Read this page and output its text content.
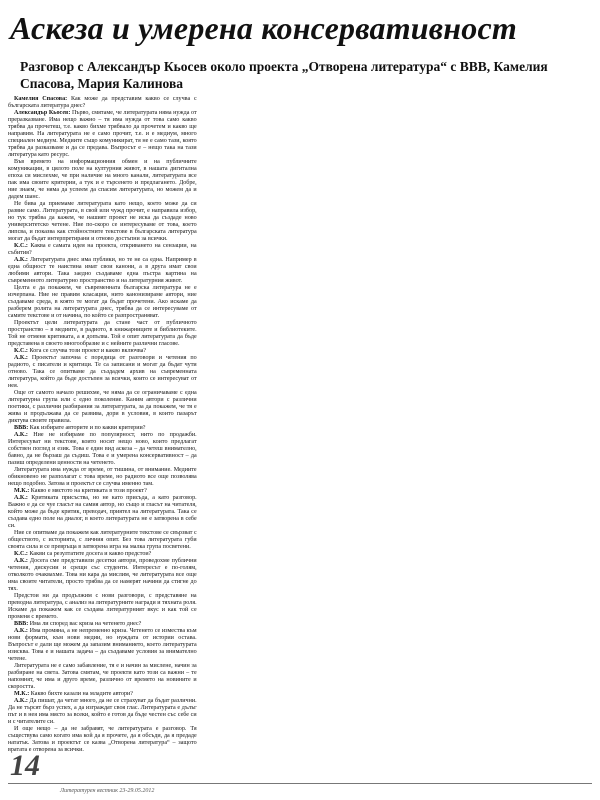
Аскеза и умерена консервативност
Разговор с Александър Кьосев около проекта „Отворена литература“ с ВВВ, Камелия Спасова, Мария Калинова

Камелия Спасова: Как може да представим какво се случва с българската литература днес?

Александър Кьосев: Първо, смятаме, че литературата няма нужда от преразказване. Има нещо важно – тя има нужда от това само какво трябва да прочетеш, т.е. какво бихме трябвало да прочетем и какво ще направим. На литературата не е само прочит, т.е. и е медиум, много специален медиум. Медиите също комуникират, тя не е само тази, която трябва да разказваме и да се предава. Въпросът е – нещо така на тази литература като ресурс.

Във времето на информационния обмен и на публичните комуникации, в цялото поле на културния живот, в нашата дигитална епоха си мислехме, че при наличие на много канали, литературата все пак има своите критерии, а тук и е търсенето и предлагането. Добре, ние знаем, че няма да успеем да спасим литературата, но можем да и дадем шанс.

Не бива да приемаме литературата като нещо, което може да си развие само. Литературата, в свой или чужд прочит, е направила избор, но тук трябва да кажем, че нашият проект не иска да създаде ново университетско четене. Ние по-скоро се интересуваме от това, което липсва, и показва как стойностните текстове в българската литература могат да бъдат интерпретирани и отново достъпни за всички.

К.С.: Каква е самата идея на проекта, откриването на сензации, на събития?

А.К.: Литературата днес има публики, но те не са една. Например в една общност те наистина имат свои канони, а в друга имат свои любими автори. Така заедно създаваме една пъстра картина на съвременното литературно пространство и на литературния живот.

Целта е да покажем, че съвременната българска литература не е изчерпана. Ние не правим класации, нито канонизираме автори, ние създаваме среда, в която те могат да бъдат прочетени. Ако искаме да разберем ролята на литературата днес, трябва да се интересуваме от самите текстове и от начина, по който се разпространяват.

Проектът цели литературата да стане част от публичното пространство – в медиите, в радиото, в книжарниците и библиотеките. Той не отменя критиката, а я допълва. Той е опит литературата да бъде представена в своето многообразие и с нейните различни гласове.

К.С.: Кога се случва този проект и какво включва?

А.К.: Проектът започна с поредица от разговори и четения по радиото, с писатели и критици. Те са записани и могат да бъдат чути отново. Така се опитваме да създадем архив на съвременната литература, който да бъде достъпен за всички, които се интересуват от нея.

Още от самото начало решихме, че няма да се ограничаваме с една литературна група или с едно поколение. Каним автори с различни поетики, с различни разбирания за литературата, за да покажем, че тя е жива и продължава да се развива, дори в условия, в които пазарът диктува своите правила.

ВВВ: Как избирате авторите и по какви критерии?

А.К.: Ние не избираме по популярност, нито по продажби. Интересуват ни текстове, които носят нещо ново, които предлагат собствен поглед и език. Това е един вид аскеза – да четеш внимателно, бавно, да не бързаш да съдиш. Това е и умерена консервативност – да пазиш определени ценности на четенето.

Литературата има нужда от време, от тишина, от внимание. Медиите обикновено не разполагат с това време, но радиото все още позволява нещо подобно. Затова и проектът се случва именно там.

М.К.: Какво е мястото на критиката в този проект?

А.К.: Критиката присъства, но не като присъда, а като разговор. Важно е да се чуе гласът на самия автор, но също и гласът на читателя, който може да бъде критик, преводач, приятел на литературата. Така се създава едно поле на диалог, в което литературата не е затворена в себе си.

Ние се опитваме да покажем как литературните текстове се свързват с обществото, с историята, с личния опит. Без това литературата губи своята сила и се превръща в затворена игра на малка група посветени.

К.С.: Какви са резултатите досега и какво предстои?

А.К.: Досега сме представили десетки автори, проведохме публични четения, дискусии и срещи със студенти. Интересът е по-голям, отколкото очаквахме. Това ни кара да мислим, че литературата все още има своите читатели, просто трябва да се намерят начини да стигне до тях.

Предстои ни да продължим с нови разговори, с представяне на преводна литература, с анализ на литературните награди и тяхната роля. Искаме да покажем как се създава литературният вкус и как той се променя с времето.

ВВВ: Има ли според вас криза на четенето днес?

А.К.: Има промяна, а не непременно криза. Четенето се измества към нови формати, към нови медии, но нуждата от истории остава. Въпросът е дали ще можем да запазим вниманието, което литературата изисква. Това е и нашата задача – да създаваме условия за внимателно четене.

Литературата не е само забавление, тя е и начин за мислене, начин за разбиране на света. Затова смятам, че проекти като този са важни – те напомнят, че има и друго време, различно от времето на новините и скоростта.

М.К.: Какво бихте казали на младите автори?

А.К.: Да пишат, да четат много, да не се страхуват да бъдат различни. Да не търсят бърз успех, а да изграждат своя глас. Литературата е дълъг път и в нея има място за всеки, който е готов да бъде честен със себе си и с читателите си.

И още нещо – да не забравят, че литературата е разговор. Тя съществува само когато има кой да я прочете, да я обсъди, да я предаде нататък. Затова и проектът се казва „Отворена литература“ – защото вратата е отворена за всички.

14
Литературен вестник 23-29.05.2012
